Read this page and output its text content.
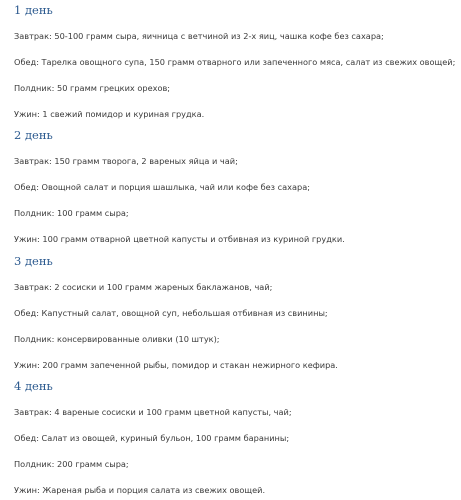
1 день

Завтрак: 50-100 грамм сыра, яичница с ветчиной из 2-х яиц, чашка кофе без сахара;

Обед: Тарелка овощного супа, 150 грамм отварного или запеченного мяса, салат из свежих овощей;

Полдник: 50 грамм грецких орехов;

Ужин: 1 свежий помидор и куриная грудка.

2 день

Завтрак: 150 грамм творога, 2 вареных яйца и чай;

Обед: Овощной салат и порция шашлыка, чай или кофе без сахара;

Полдник: 100 грамм сыра;

Ужин: 100 грамм отварной цветной капусты и отбивная из куриной грудки.

3 день

Завтрак: 2 сосиски и 100 грамм жареных баклажанов, чай;

Обед: Капустный салат, овощной суп, небольшая отбивная из свинины;

Полдник: консервированные оливки (10 штук);

Ужин: 200 грамм запеченной рыбы, помидор и стакан нежирного кефира.

4 день

Завтрак: 4 вареные сосиски и 100 грамм цветной капусты, чай;

Обед: Салат из овощей, куриный бульон, 100 грамм баранины;

Полдник: 200 грамм сыра;

Ужин: Жареная рыба и порция салата из свежих овощей.
